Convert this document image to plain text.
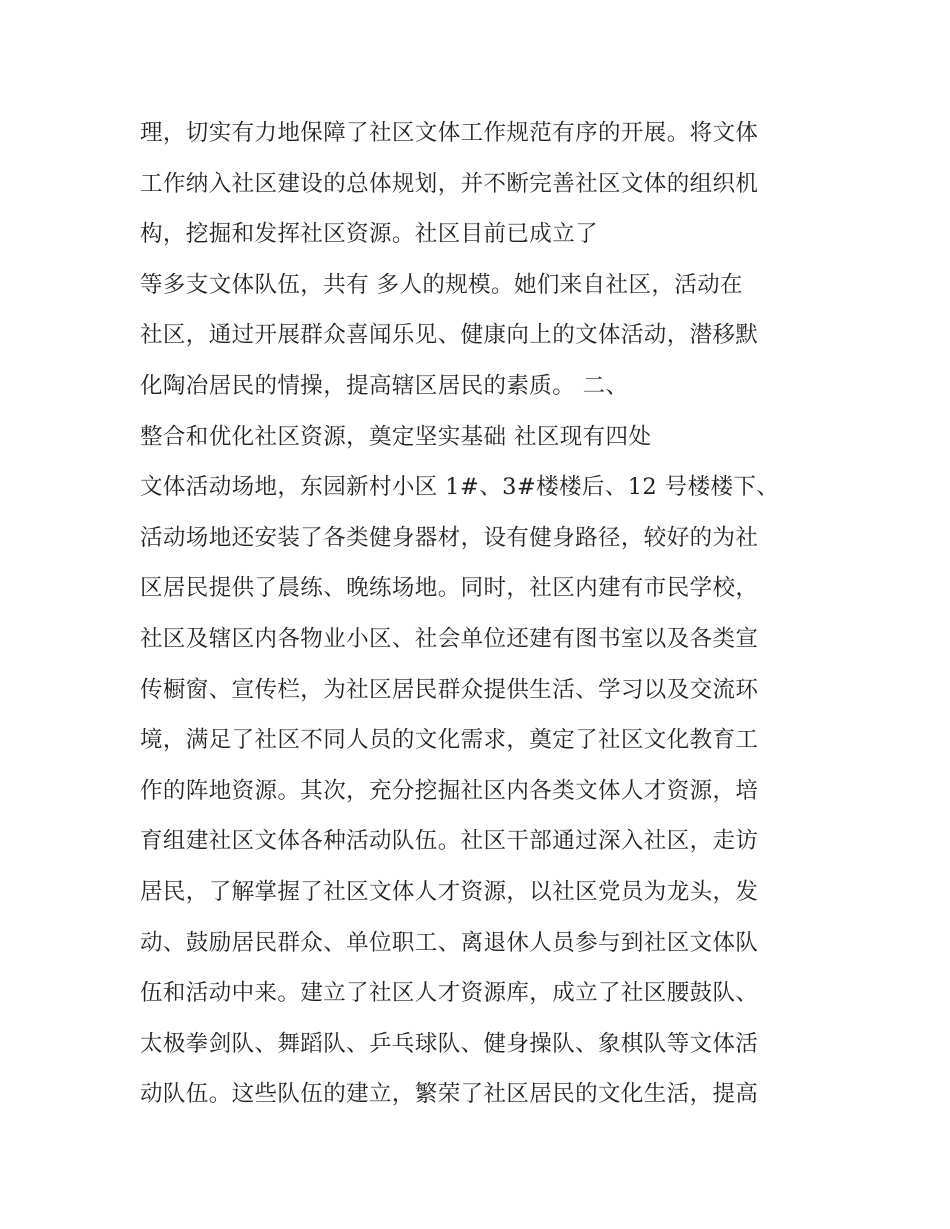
理，切实有力地保障了社区文体工作规范有序的开展。将文体
工作纳入社区建设的总体规划，并不断完善社区文体的组织机
构，挖掘和发挥社区资源。社区目前已成立了
等多支文体队伍，共有 多人的规模。她们来自社区，活动在
社区，通过开展群众喜闻乐见、健康向上的文体活动，潜移默
化陶冶居民的情操，提高辖区居民的素质。 二、
整合和优化社区资源，奠定坚实基础 社区现有四处
文体活动场地，东园新村小区 1#、3#楼楼后、12 号楼楼下、
活动场地还安装了各类健身器材，设有健身路径，较好的为社
区居民提供了晨练、晚练场地。同时，社区内建有市民学校，
社区及辖区内各物业小区、社会单位还建有图书室以及各类宣
传橱窗、宣传栏，为社区居民群众提供生活、学习以及交流环
境，满足了社区不同人员的文化需求，奠定了社区文化教育工
作的阵地资源。其次，充分挖掘社区内各类文体人才资源，培
育组建社区文体各种活动队伍。社区干部通过深入社区，走访
居民，了解掌握了社区文体人才资源，以社区党员为龙头，发
动、鼓励居民群众、单位职工、离退休人员参与到社区文体队
伍和活动中来。建立了社区人才资源库，成立了社区腰鼓队、
太极拳剑队、舞蹈队、乒乓球队、健身操队、象棋队等文体活
动队伍。这些队伍的建立，繁荣了社区居民的文化生活，提高
